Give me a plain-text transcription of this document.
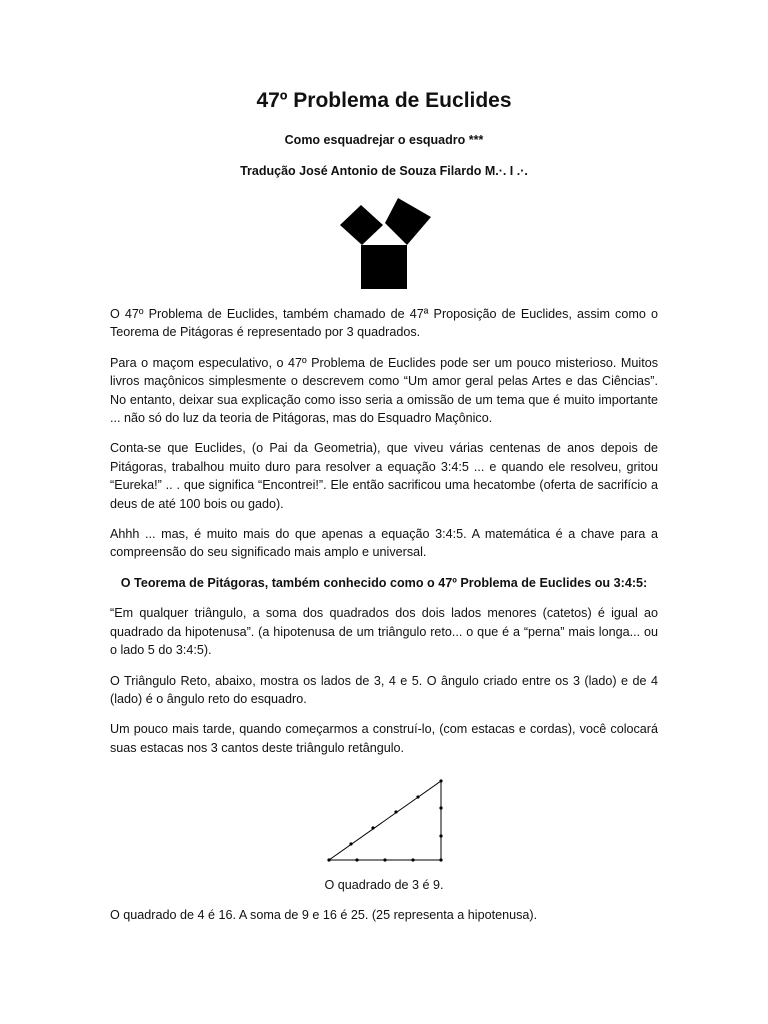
47º Problema de Euclides

Como esquadrejar o esquadro ***

Tradução José Antonio de Souza Filardo M.·. I .·.

O 47º Problema de Euclides, também chamado de 47ª Proposição de Euclides, assim como o Teorema de Pitágoras é representado por 3 quadrados.

Para o maçom especulativo, o 47º Problema de Euclides pode ser um pouco misterioso. Muitos livros maçônicos simplesmente o descrevem como “Um amor geral pelas Artes e das Ciências”. No entanto, deixar sua explicação como isso seria a omissão de um tema que é muito importante ... não só do luz da teoria de Pitágoras, mas do Esquadro Maçônico.

Conta-se que Euclides, (o Pai da Geometria), que viveu várias centenas de anos depois de Pitágoras, trabalhou muito duro para resolver a equação 3:4:5 ... e quando ele resolveu, gritou “Eureka!” .. . que significa “Encontrei!”. Ele então sacrificou uma hecatombe (oferta de sacrifício a deus de até 100 bois ou gado).

Ahhh ... mas, é muito mais do que apenas a equação 3:4:5. A matemática é a chave para a compreensão do seu significado mais amplo e universal.

O Teorema de Pitágoras, também conhecido como o 47º Problema de Euclides ou 3:4:5:

“Em qualquer triângulo, a soma dos quadrados dos dois lados menores (catetos) é igual ao quadrado da hipotenusa”. (a hipotenusa de um triângulo reto... o que é a “perna” mais longa... ou o lado 5 do 3:4:5).

O Triângulo Reto, abaixo, mostra os lados de 3, 4 e 5. O ângulo criado entre os 3 (lado) e de 4 (lado) é o ângulo reto do esquadro.

Um pouco mais tarde, quando começarmos a construí-lo, (com estacas e cordas), você colocará suas estacas nos 3 cantos deste triângulo retângulo.

O quadrado de 3 é 9.

O quadrado de 4 é 16. A soma de 9 e 16 é 25. (25 representa a hipotenusa).
